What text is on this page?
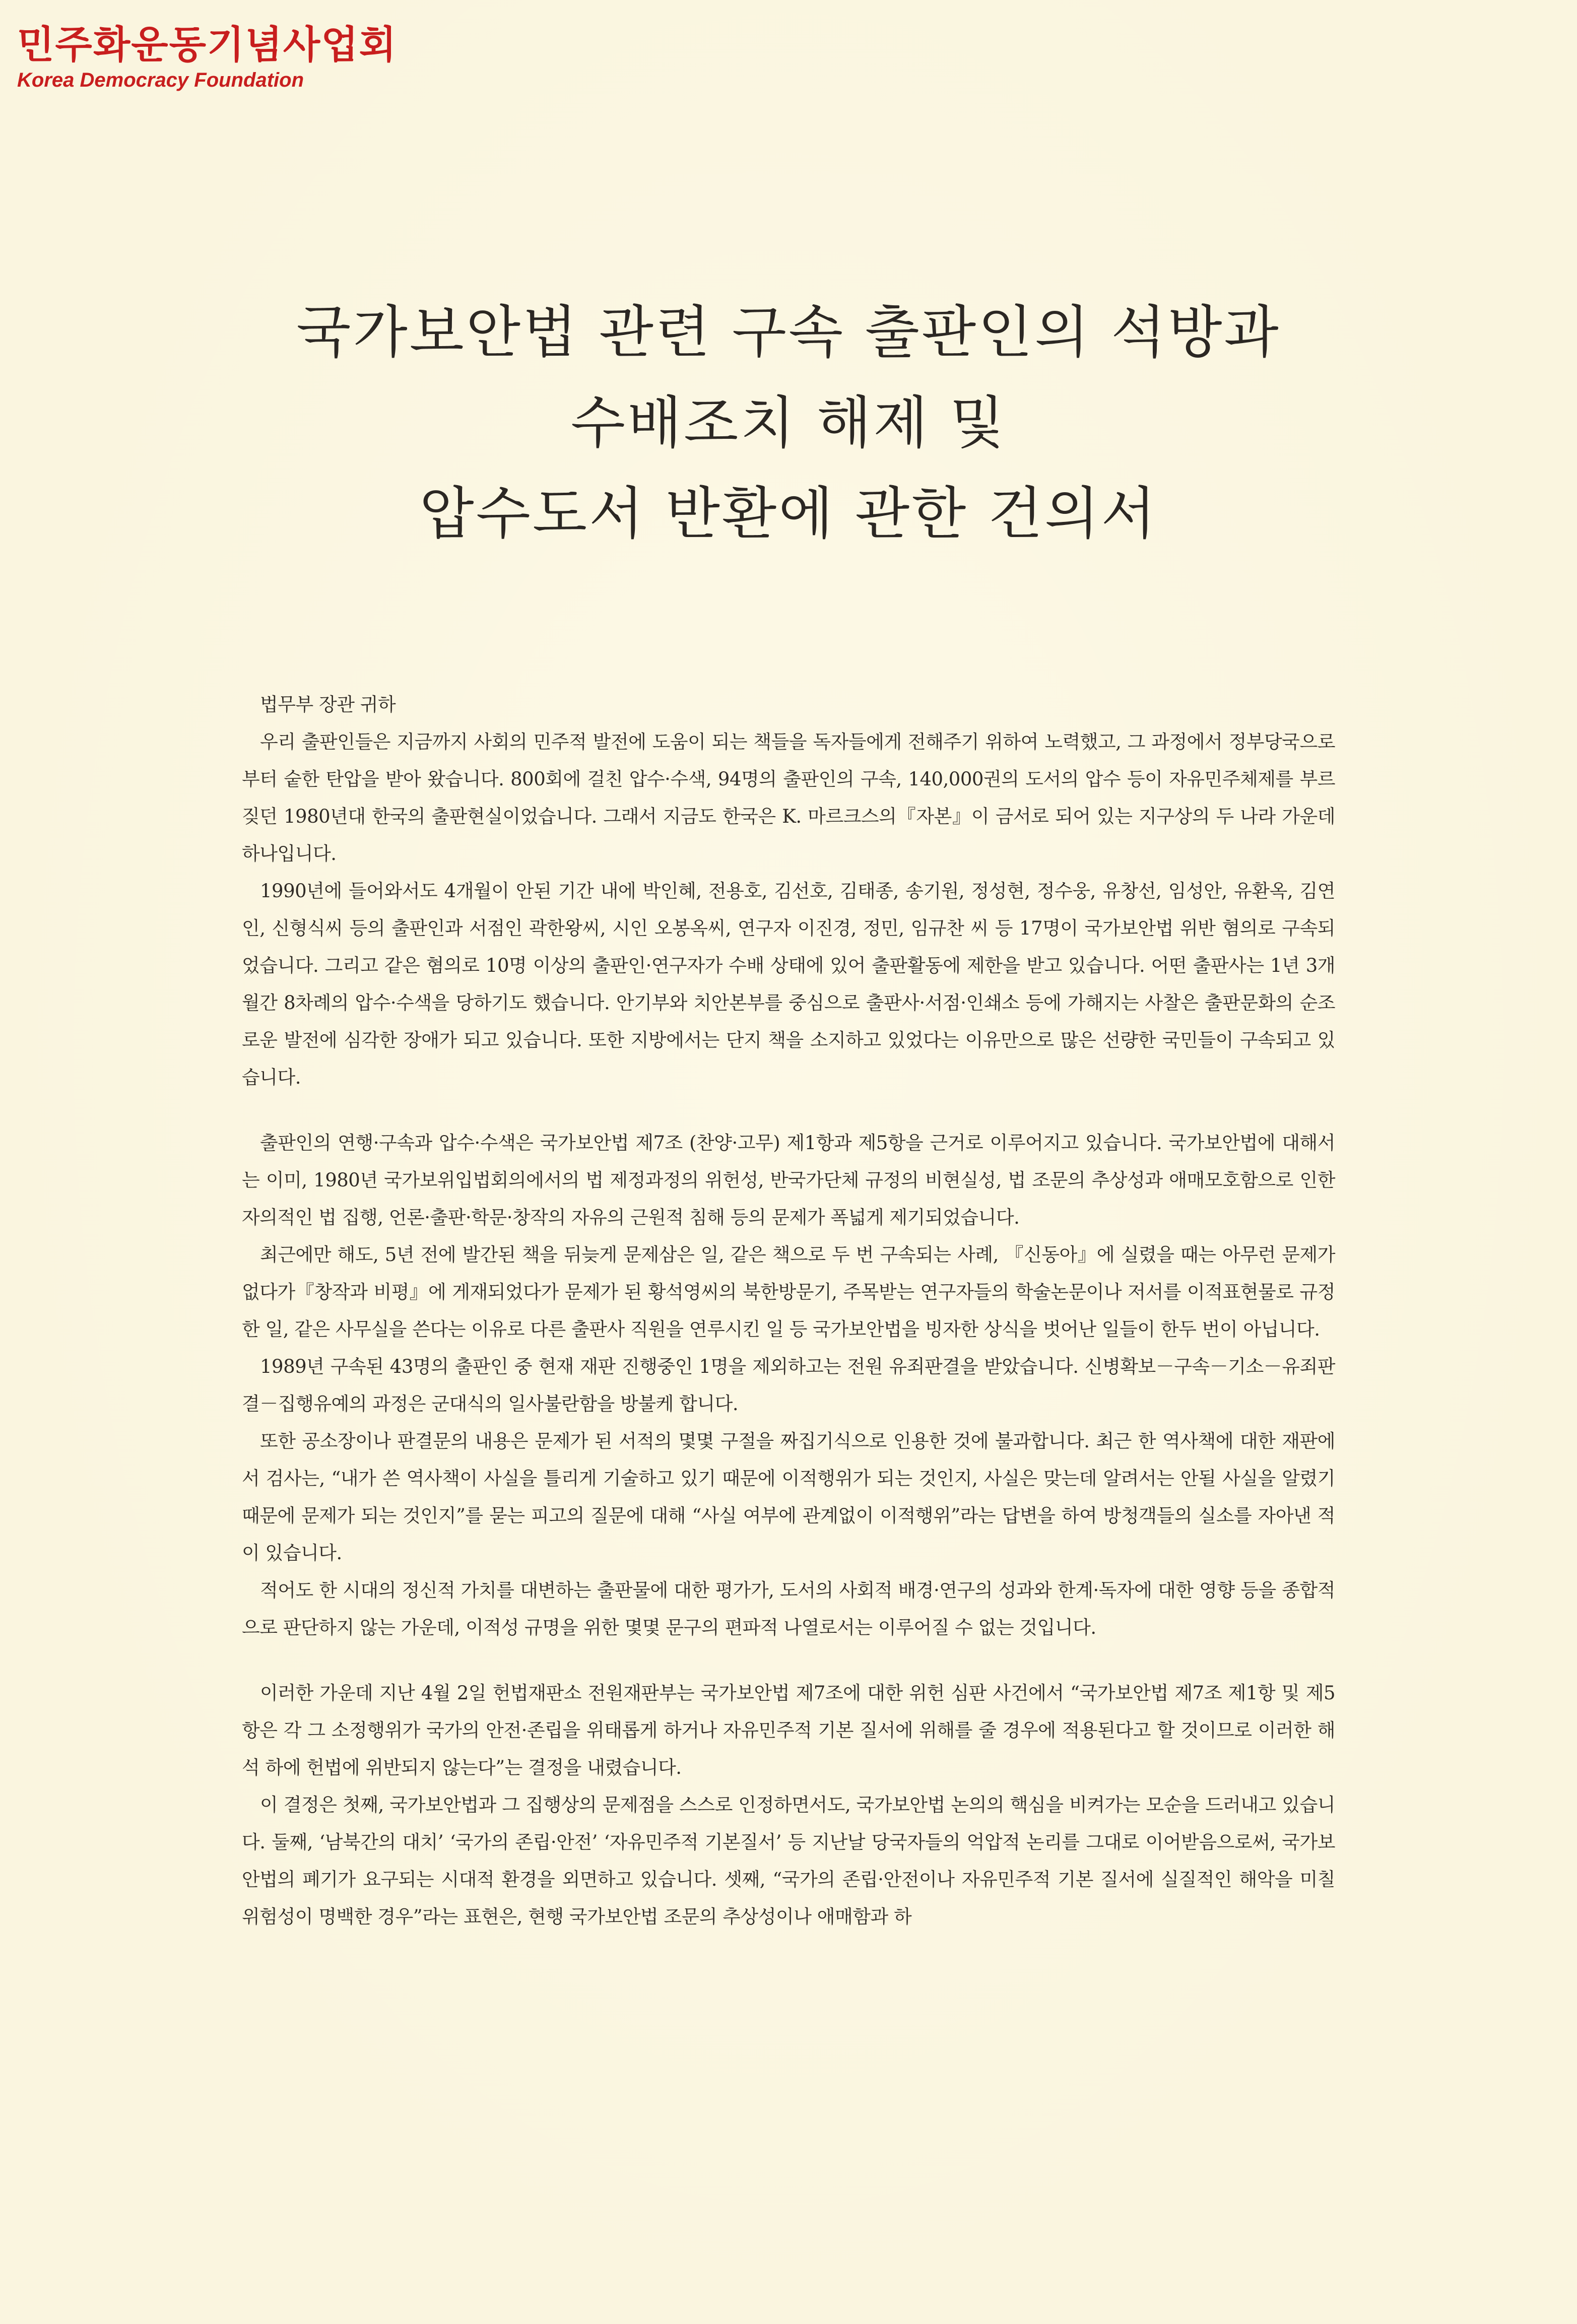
민주화운동기념사업회
Korea Democracy Foundation
국가보안법 관련 구속 출판인의 석방과
수배조치 해제 및
압수도서 반환에 관한 건의서

법무부 장관 귀하

우리 출판인들은 지금까지 사회의 민주적 발전에 도움이 되는 책들을 독자들에게 전해주기 위하여 노력했고, 그 과정에서 정부당국으로부터 숱한 탄압을 받아 왔습니다. 800회에 걸친 압수·수색, 94명의 출판인의 구속, 140,000권의 도서의 압수 등이 자유민주체제를 부르짖던 1980년대 한국의 출판현실이었습니다. 그래서 지금도 한국은 K. 마르크스의『자본』이 금서로 되어 있는 지구상의 두 나라 가운데 하나입니다.

1990년에 들어와서도 4개월이 안된 기간 내에 박인혜, 전용호, 김선호, 김태종, 송기원, 정성현, 정수웅, 유창선, 임성안, 유환옥, 김연인, 신형식씨 등의 출판인과 서점인 곽한왕씨, 시인 오봉옥씨, 연구자 이진경, 정민, 임규찬 씨 등 17명이 국가보안법 위반 혐의로 구속되었습니다. 그리고 같은 혐의로 10명 이상의 출판인·연구자가 수배 상태에 있어 출판활동에 제한을 받고 있습니다. 어떤 출판사는 1년 3개월간 8차례의 압수·수색을 당하기도 했습니다. 안기부와 치안본부를 중심으로 출판사·서점·인쇄소 등에 가해지는 사찰은 출판문화의 순조로운 발전에 심각한 장애가 되고 있습니다. 또한 지방에서는 단지 책을 소지하고 있었다는 이유만으로 많은 선량한 국민들이 구속되고 있습니다.

출판인의 연행·구속과 압수·수색은 국가보안법 제7조 (찬양·고무) 제1항과 제5항을 근거로 이루어지고 있습니다. 국가보안법에 대해서는 이미, 1980년 국가보위입법회의에서의 법 제정과정의 위헌성, 반국가단체 규정의 비현실성, 법 조문의 추상성과 애매모호함으로 인한 자의적인 법 집행, 언론·출판·학문·창작의 자유의 근원적 침해 등의 문제가 폭넓게 제기되었습니다.

최근에만 해도, 5년 전에 발간된 책을 뒤늦게 문제삼은 일, 같은 책으로 두 번 구속되는 사례, 『신동아』에 실렸을 때는 아무런 문제가 없다가『창작과 비평』에 게재되었다가 문제가 된 황석영씨의 북한방문기, 주목받는 연구자들의 학술논문이나 저서를 이적표현물로 규정한 일, 같은 사무실을 쓴다는 이유로 다른 출판사 직원을 연루시킨 일 등 국가보안법을 빙자한 상식을 벗어난 일들이 한두 번이 아닙니다.

1989년 구속된 43명의 출판인 중 현재 재판 진행중인 1명을 제외하고는 전원 유죄판결을 받았습니다. 신병확보－구속－기소－유죄판결－집행유예의 과정은 군대식의 일사불란함을 방불케 합니다.

또한 공소장이나 판결문의 내용은 문제가 된 서적의 몇몇 구절을 짜집기식으로 인용한 것에 불과합니다. 최근 한 역사책에 대한 재판에서 검사는, “내가 쓴 역사책이 사실을 틀리게 기술하고 있기 때문에 이적행위가 되는 것인지, 사실은 맞는데 알려서는 안될 사실을 알렸기 때문에 문제가 되는 것인지”를 묻는 피고의 질문에 대해 “사실 여부에 관계없이 이적행위”라는 답변을 하여 방청객들의 실소를 자아낸 적이 있습니다.

적어도 한 시대의 정신적 가치를 대변하는 출판물에 대한 평가가, 도서의 사회적 배경·연구의 성과와 한계·독자에 대한 영향 등을 종합적으로 판단하지 않는 가운데, 이적성 규명을 위한 몇몇 문구의 편파적 나열로서는 이루어질 수 없는 것입니다.

이러한 가운데 지난 4월 2일 헌법재판소 전원재판부는 국가보안법 제7조에 대한 위헌 심판 사건에서 “국가보안법 제7조 제1항 및 제5항은 각 그 소정행위가 국가의 안전·존립을 위태롭게 하거나 자유민주적 기본 질서에 위해를 줄 경우에 적용된다고 할 것이므로 이러한 해석 하에 헌법에 위반되지 않는다”는 결정을 내렸습니다.

이 결정은 첫째, 국가보안법과 그 집행상의 문제점을 스스로 인정하면서도, 국가보안법 논의의 핵심을 비켜가는 모순을 드러내고 있습니다. 둘째, ‘남북간의 대치’ ‘국가의 존립·안전’ ‘자유민주적 기본질서’ 등 지난날 당국자들의 억압적 논리를 그대로 이어받음으로써, 국가보안법의 폐기가 요구되는 시대적 환경을 외면하고 있습니다. 셋째, “국가의 존립·안전이나 자유민주적 기본 질서에 실질적인 해악을 미칠 위험성이 명백한 경우”라는 표현은, 현행 국가보안법 조문의 추상성이나 애매함과 하
